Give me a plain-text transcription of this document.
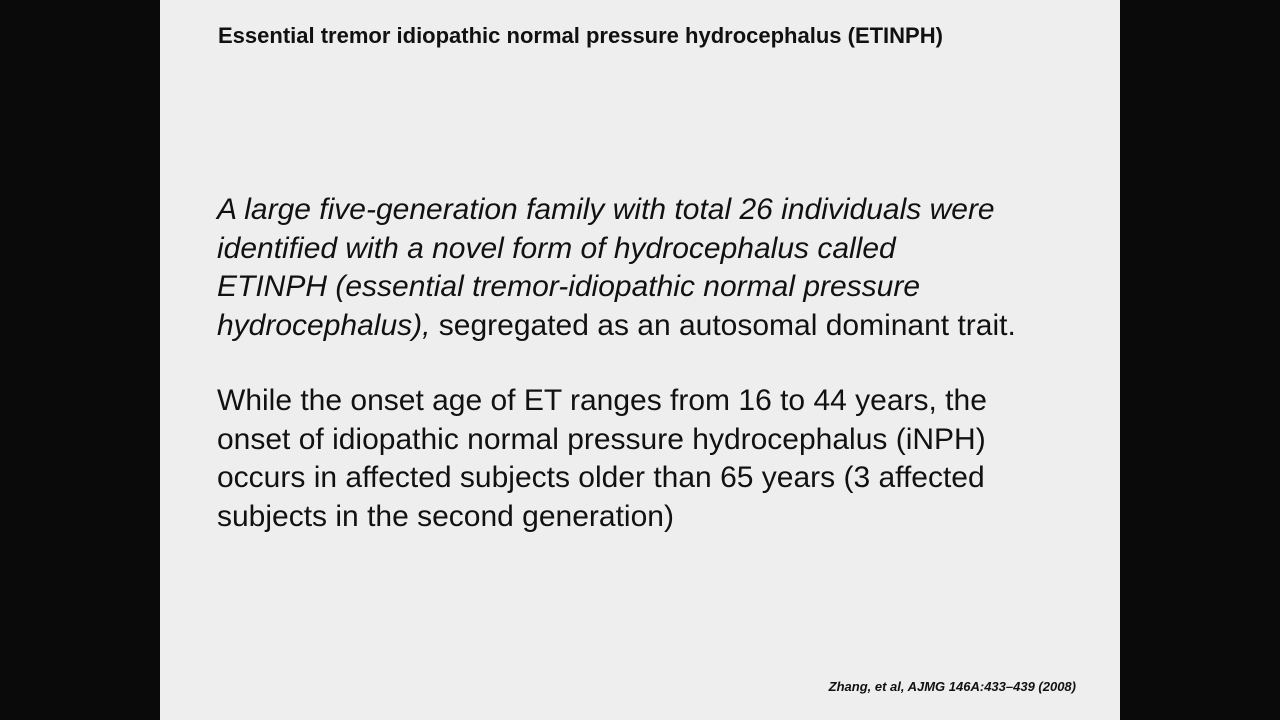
Essential tremor idiopathic normal pressure hydrocephalus (ETINPH)
A large five-generation family with total 26 individuals were
identified with a novel form of hydrocephalus called
ETINPH (essential tremor-idiopathic normal pressure
hydrocephalus), segregated as an autosomal dominant trait.
While the onset age of ET ranges from 16 to 44 years, the
onset of idiopathic normal pressure hydrocephalus (iNPH)
occurs in affected subjects older than 65 years (3 affected
subjects in the second generation)
Zhang, et al, AJMG 146A:433–439 (2008)
